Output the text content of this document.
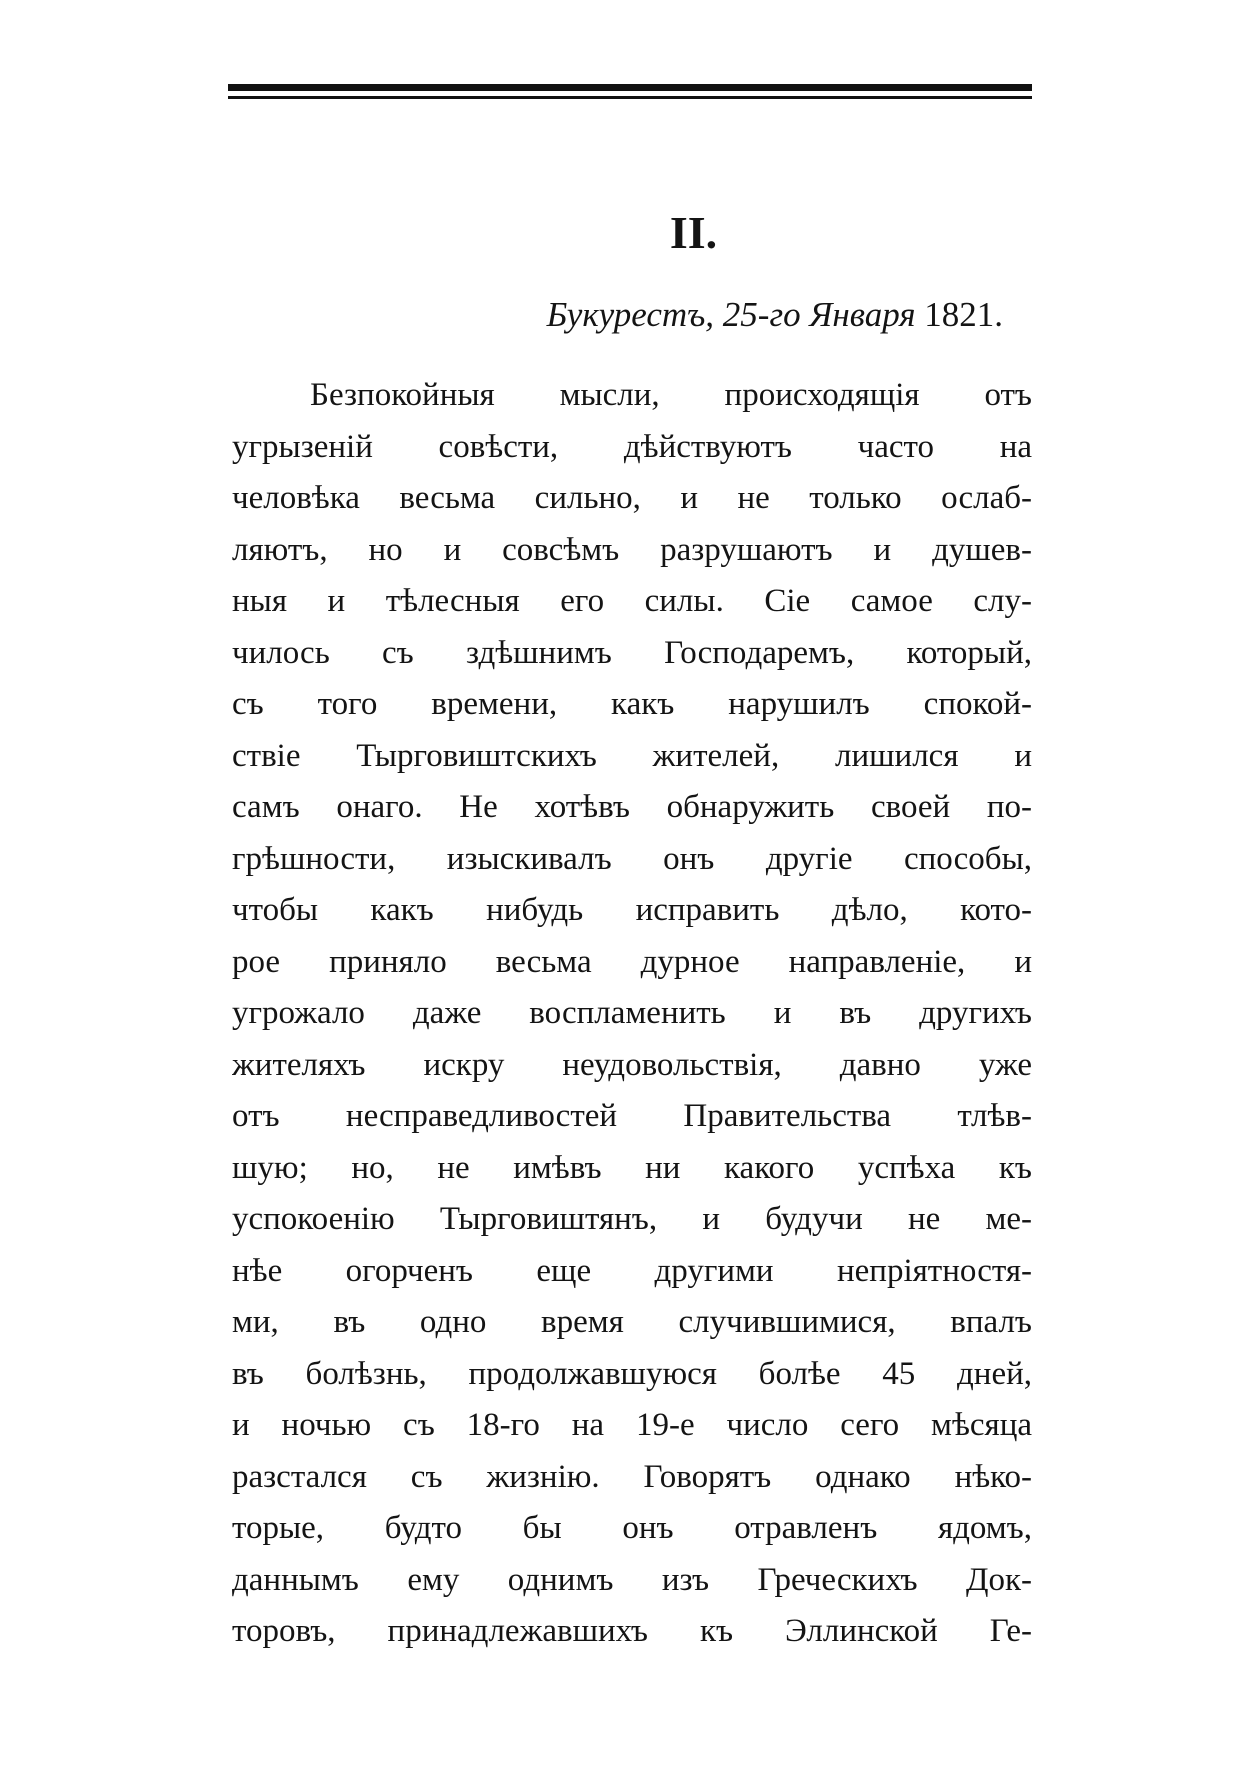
II.
Букурестъ, 25-го Января 1821.
Безпокойныя мысли, происходящія отъ
угрызеній совѣсти, дѣйствуютъ часто на
человѣка весьма сильно, и не только ослаб-
ляютъ, но и совсѣмъ разрушаютъ и душев-
ныя и тѣлесныя его силы. Сіе самое слу-
чилось съ здѣшнимъ Господаремъ, который,
съ того времени, какъ нарушилъ спокой-
ствіе Тырговиштскихъ жителей, лишился и
самъ онаго. Не хотѣвъ обнаружить своей по-
грѣшности, изыскивалъ онъ другіе способы,
чтобы какъ нибудь исправить дѣло, кото-
рое приняло весьма дурное направленіе, и
угрожало даже воспламенить и въ другихъ
жителяхъ искру неудовольствія, давно уже
отъ несправедливостей Правительства тлѣв-
шую; но, не имѣвъ ни какого успѣха къ
успокоенію Тырговиштянъ, и будучи не ме-
нѣе огорченъ еще другими непріятностя-
ми, въ одно время случившимися, впалъ
въ болѣзнь, продолжавшуюся болѣе 45 дней,
и ночью съ 18-го на 19-е число сего мѣсяца
разстался съ жизнію. Говорятъ однако нѣко-
торые, будто бы онъ отравленъ ядомъ,
даннымъ ему однимъ изъ Греческихъ Док-
торовъ, принадлежавшихъ къ Эллинской Ге-
